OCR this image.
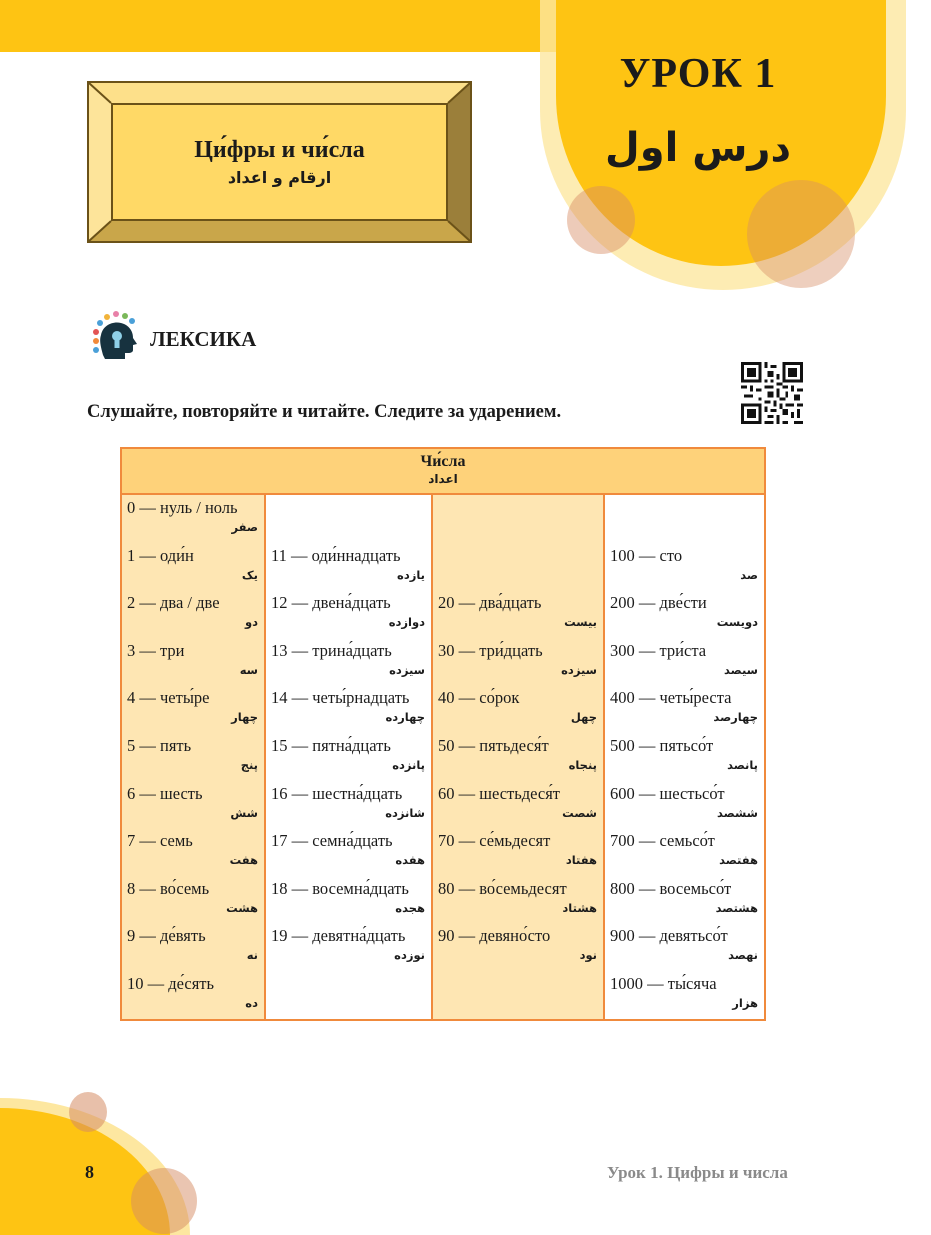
УРОК 1
درس اول
Ци́фры и чи́сла
ارقام و اعداد
ЛЕКСИКА
Слушайте, повторяйте и читайте. Следите за ударением.
Чи́сла
اعداد
0 — нуль / ноль
صفر
1 — оди́н
یک
2 — два / две
دو
3 — три
سه
4 — четы́ре
چهار
5 — пять
پنج
6 — шесть
شش
7 — семь
هفت
8 — во́семь
هشت
9 — де́вять
نه
10 — де́сять
ده
11 — оди́ннадцать
یازده
12 — двена́дцать
دوازده
13 — трина́дцать
سیزده
14 — четы́рнадцать
چهارده
15 — пятна́дцать
پانزده
16 — шестна́дцать
شانزده
17 — семна́дцать
هفده
18 — восемна́дцать
هجده
19 — девятна́дцать
نوزده
20 — два́дцать
بیست
30 — три́дцать
سیزده
40 — со́рок
چهل
50 — пятьдеся́т
پنجاه
60 — шестьдеся́т
شصت
70 — се́мьдесят
هفتاد
80 — во́семьдесят
هشتاد
90 — девяно́сто
نود
100 — сто
صد
200 — две́сти
دویست
300 — три́ста
سیصد
400 — четы́реста
چهارصد
500 — пятьсо́т
پانصد
600 — шестьсо́т
ششصد
700 — семьсо́т
هفتصد
800 — восемьсо́т
هشتصد
900 — девятьсо́т
نهصد
1000 — ты́сяча
هزار
8	Урок 1. Цифры и числа
